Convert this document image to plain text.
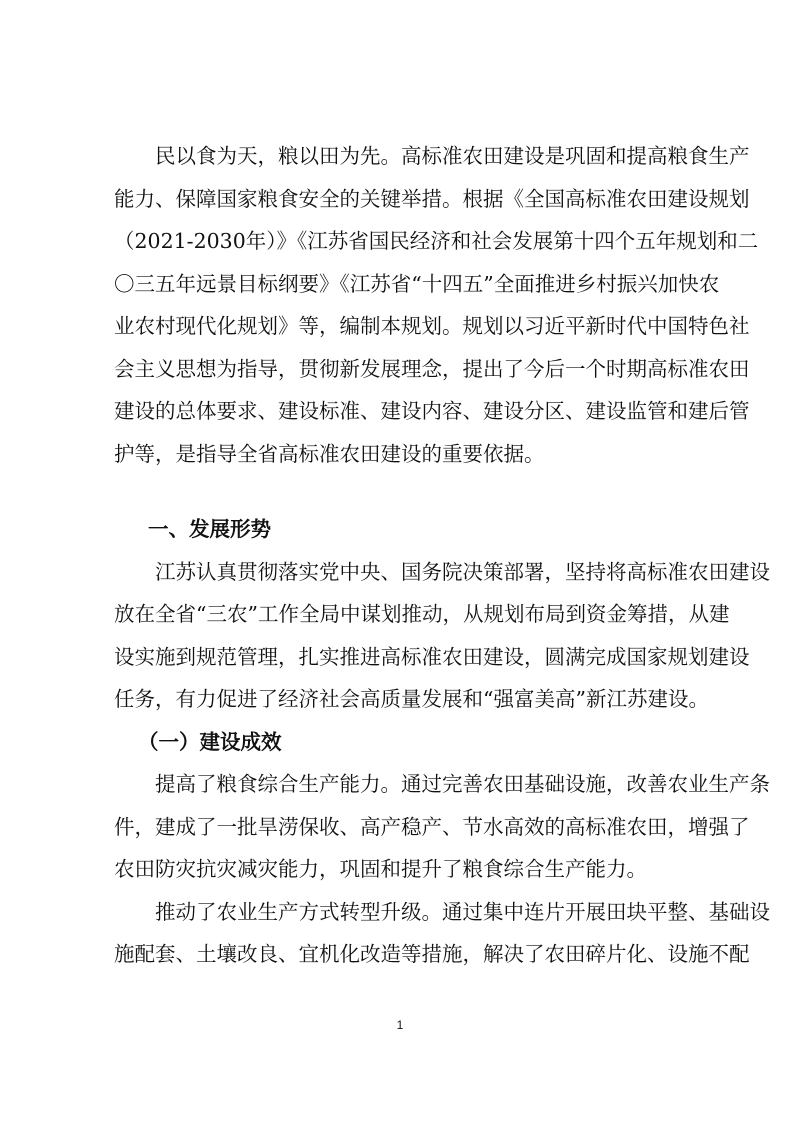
民以食为天，粮以田为先。高标准农田建设是巩固和提高粮食生产
能力、保障国家粮食安全的关键举措。根据《全国高标准农田建设规划
（2021-2030年）》《江苏省国民经济和社会发展第十四个五年规划和二
〇三五年远景目标纲要》《江苏省“十四五”全面推进乡村振兴加快农
业农村现代化规划》等，编制本规划。规划以习近平新时代中国特色社
会主义思想为指导，贯彻新发展理念，提出了今后一个时期高标准农田
建设的总体要求、建设标准、建设内容、建设分区、建设监管和建后管
护等，是指导全省高标准农田建设的重要依据。
一、发展形势
江苏认真贯彻落实党中央、国务院决策部署，坚持将高标准农田建设
放在全省“三农”工作全局中谋划推动，从规划布局到资金筹措，从建
设实施到规范管理，扎实推进高标准农田建设，圆满完成国家规划建设
任务，有力促进了经济社会高质量发展和“强富美高”新江苏建设。
（一）建设成效
提高了粮食综合生产能力。通过完善农田基础设施，改善农业生产条
件，建成了一批旱涝保收、高产稳产、节水高效的高标准农田，增强了
农田防灾抗灾减灾能力，巩固和提升了粮食综合生产能力。
推动了农业生产方式转型升级。通过集中连片开展田块平整、基础设
施配套、土壤改良、宜机化改造等措施，解决了农田碎片化、设施不配
1
